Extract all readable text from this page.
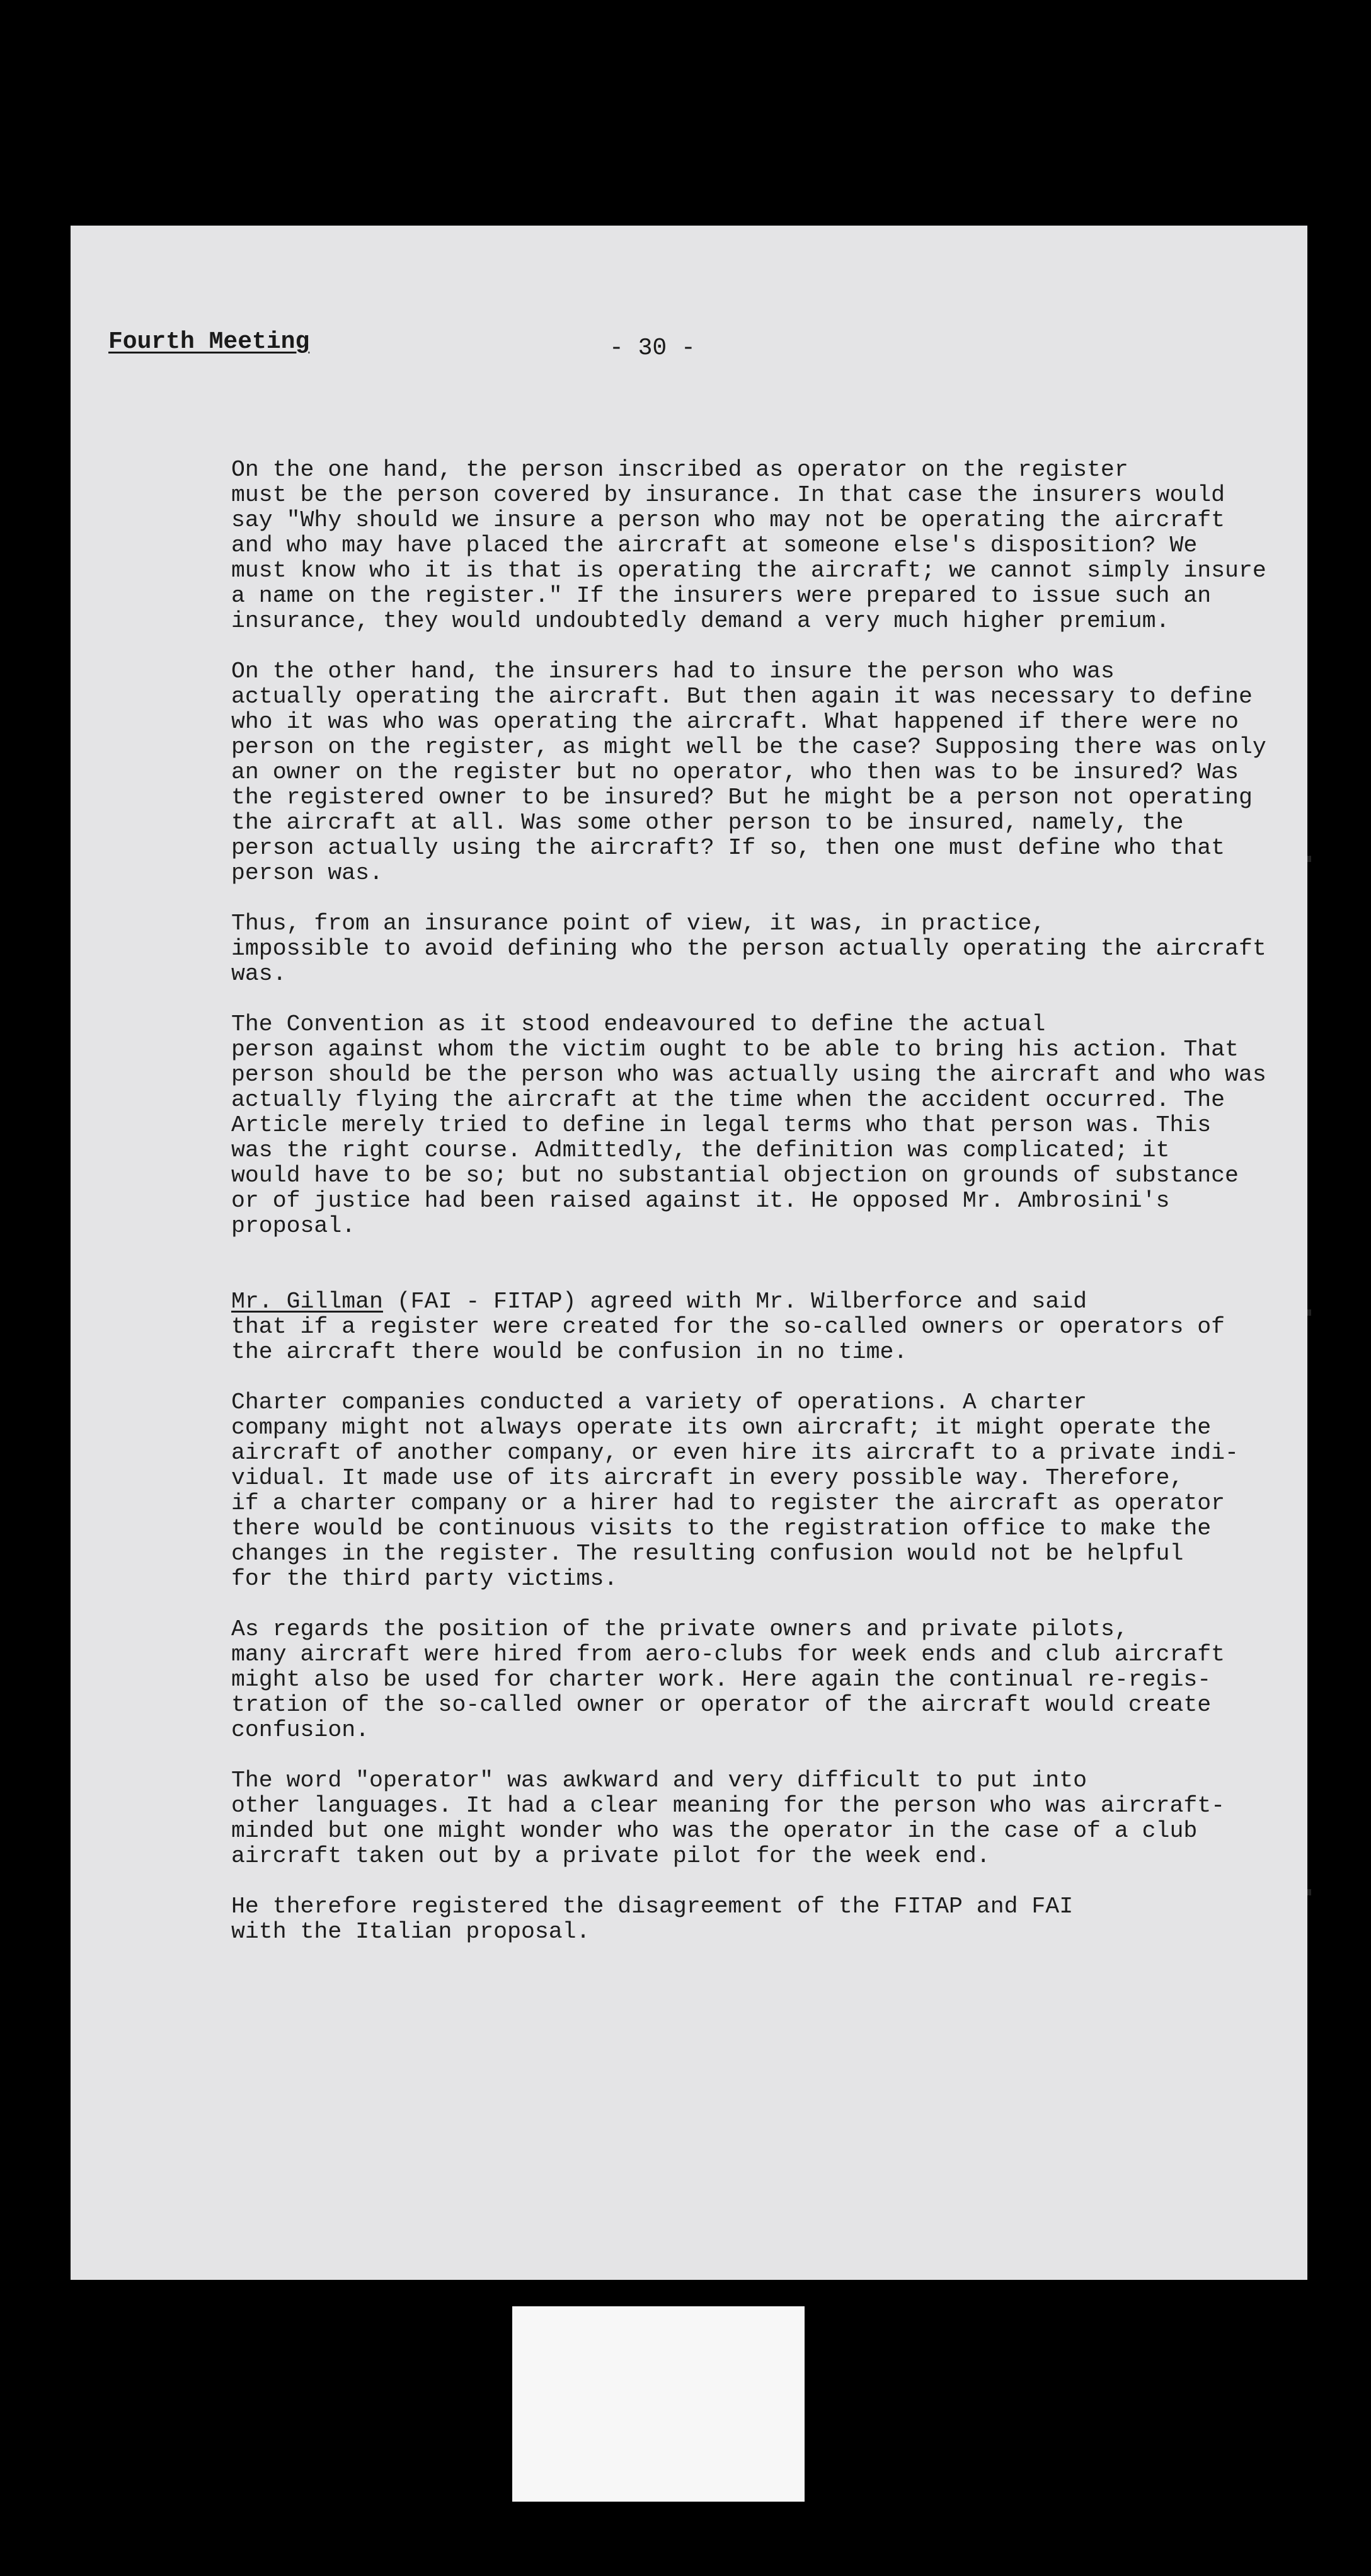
Fourth Meeting	- 30 -

On the one hand, the person inscribed as operator on the register
must be the person covered by insurance. In that case the insurers would
say "Why should we insure a person who may not be operating the aircraft
and who may have placed the aircraft at someone else's disposition? We
must know who it is that is operating the aircraft; we cannot simply insure
a name on the register." If the insurers were prepared to issue such an
insurance, they would undoubtedly demand a very much higher premium.

On the other hand, the insurers had to insure the person who was
actually operating the aircraft. But then again it was necessary to define
who it was who was operating the aircraft. What happened if there were no
person on the register, as might well be the case? Supposing there was only
an owner on the register but no operator, who then was to be insured? Was
the registered owner to be insured? But he might be a person not operating
the aircraft at all. Was some other person to be insured, namely, the
person actually using the aircraft? If so, then one must define who that
person was.

Thus, from an insurance point of view, it was, in practice,
impossible to avoid defining who the person actually operating the aircraft
was.

The Convention as it stood endeavoured to define the actual
person against whom the victim ought to be able to bring his action. That
person should be the person who was actually using the aircraft and who was
actually flying the aircraft at the time when the accident occurred. The
Article merely tried to define in legal terms who that person was. This
was the right course. Admittedly, the definition was complicated; it
would have to be so; but no substantial objection on grounds of substance
or of justice had been raised against it. He opposed Mr. Ambrosini's
proposal.

Mr. Gillman (FAI - FITAP) agreed with Mr. Wilberforce and said
that if a register were created for the so-called owners or operators of
the aircraft there would be confusion in no time.

Charter companies conducted a variety of operations. A charter
company might not always operate its own aircraft; it might operate the
aircraft of another company, or even hire its aircraft to a private indi-
vidual. It made use of its aircraft in every possible way. Therefore,
if a charter company or a hirer had to register the aircraft as operator
there would be continuous visits to the registration office to make the
changes in the register. The resulting confusion would not be helpful
for the third party victims.

As regards the position of the private owners and private pilots,
many aircraft were hired from aero-clubs for week ends and club aircraft
might also be used for charter work. Here again the continual re-regis-
tration of the so-called owner or operator of the aircraft would create
confusion.

The word "operator" was awkward and very difficult to put into
other languages. It had a clear meaning for the person who was aircraft-
minded but one might wonder who was the operator in the case of a club
aircraft taken out by a private pilot for the week end.

He therefore registered the disagreement of the FITAP and FAI
with the Italian proposal.
